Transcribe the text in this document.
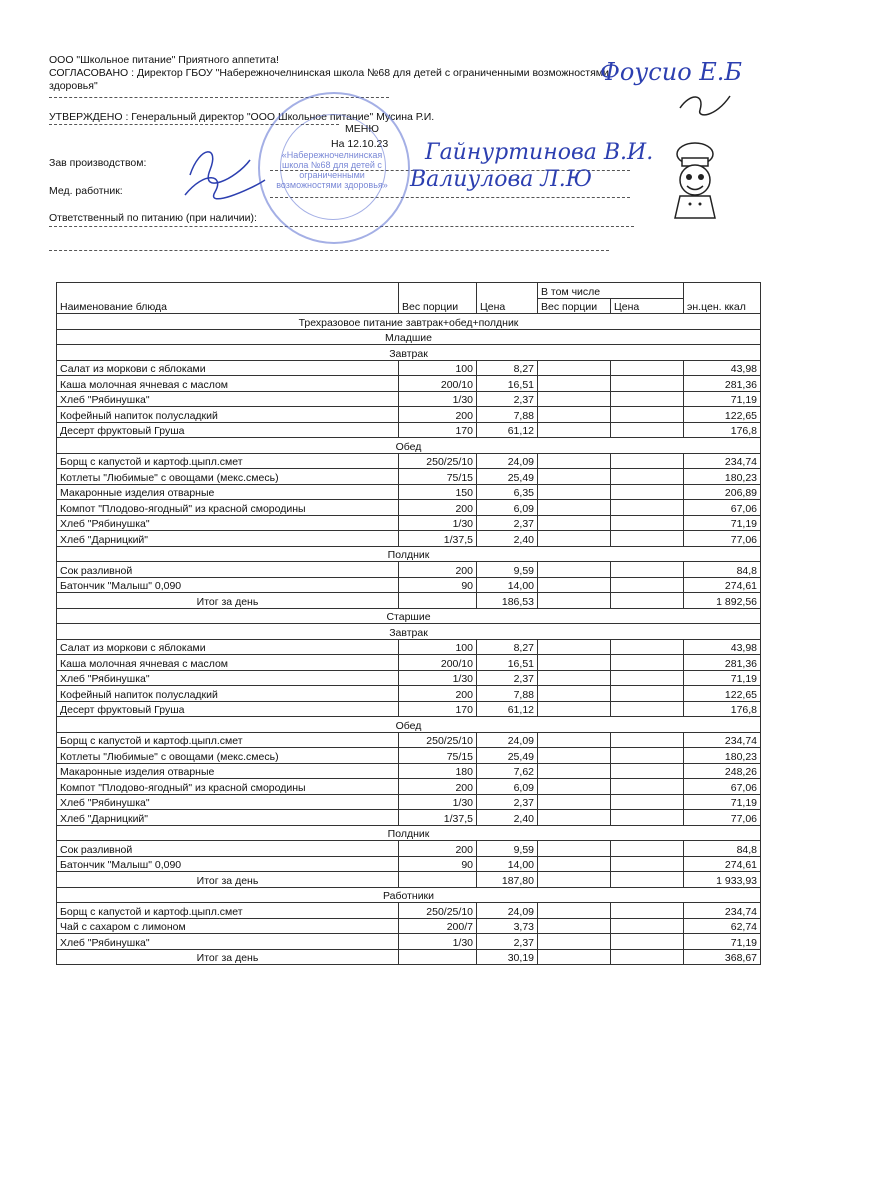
ООО "Школьное питание" Приятного аппетита!
СОГЛАСОВАНО : Директор ГБОУ "Набережночелнинская школа №68 для детей с ограниченными возможностями
здоровья"
УТВЕРЖДЕНО : Генеральный директор "ООО Школьное питание" Мусина Р.И.
МЕНЮ
На 12.10.23
Зав производством:
Мед. работник:
Ответственный по питанию (при наличии):
«Набережночелнинская школа №68 для детей с ограниченными возможностями здоровья»
Фоусио Е.Б
Гайнуртинова В.И.
Валиулова Л.Ю
Наименование блюда	Вес порции	Цена	В том числе		эн.цен. ккал
			Вес порции	Цена	
Трехразовое питание завтрак+обед+полдник					
Младшие					
Завтрак					
Салат из моркови с яблоками	100	8,27			43,98
Каша молочная ячневая с маслом	200/10	16,51			281,36
Хлеб "Рябинушка"	1/30	2,37			71,19
Кофейный напиток полусладкий	200	7,88			122,65
Десерт фруктовый Груша	170	61,12			176,8
Обед					
Борщ с капустой и картоф.цыпл.смет	250/25/10	24,09			234,74
Котлеты "Любимые" с овощами (мекс.смесь)	75/15	25,49			180,23
Макаронные изделия отварные	150	6,35			206,89
Компот "Плодово-ягодный" из красной смородины	200	6,09			67,06
Хлеб "Рябинушка"	1/30	2,37			71,19
Хлеб "Дарницкий"	1/37,5	2,40			77,06
Полдник					
Сок разливной	200	9,59			84,8
Батончик "Малыш" 0,090	90	14,00			274,61
Итог за день		186,53			1 892,56
Старшие					
Завтрак					
Салат из моркови с яблоками	100	8,27			43,98
Каша молочная ячневая с маслом	200/10	16,51			281,36
Хлеб "Рябинушка"	1/30	2,37			71,19
Кофейный напиток полусладкий	200	7,88			122,65
Десерт фруктовый Груша	170	61,12			176,8
Обед					
Борщ с капустой и картоф.цыпл.смет	250/25/10	24,09			234,74
Котлеты "Любимые" с овощами (мекс.смесь)	75/15	25,49			180,23
Макаронные изделия отварные	180	7,62			248,26
Компот "Плодово-ягодный" из красной смородины	200	6,09			67,06
Хлеб "Рябинушка"	1/30	2,37			71,19
Хлеб "Дарницкий"	1/37,5	2,40			77,06
Полдник					
Сок разливной	200	9,59			84,8
Батончик "Малыш" 0,090	90	14,00			274,61
Итог за день		187,80			1 933,93
Работники					
Борщ с капустой и картоф.цыпл.смет	250/25/10	24,09			234,74
Чай с сахаром с лимоном	200/7	3,73			62,74
Хлеб "Рябинушка"	1/30	2,37			71,19
Итог за день		30,19			368,67
